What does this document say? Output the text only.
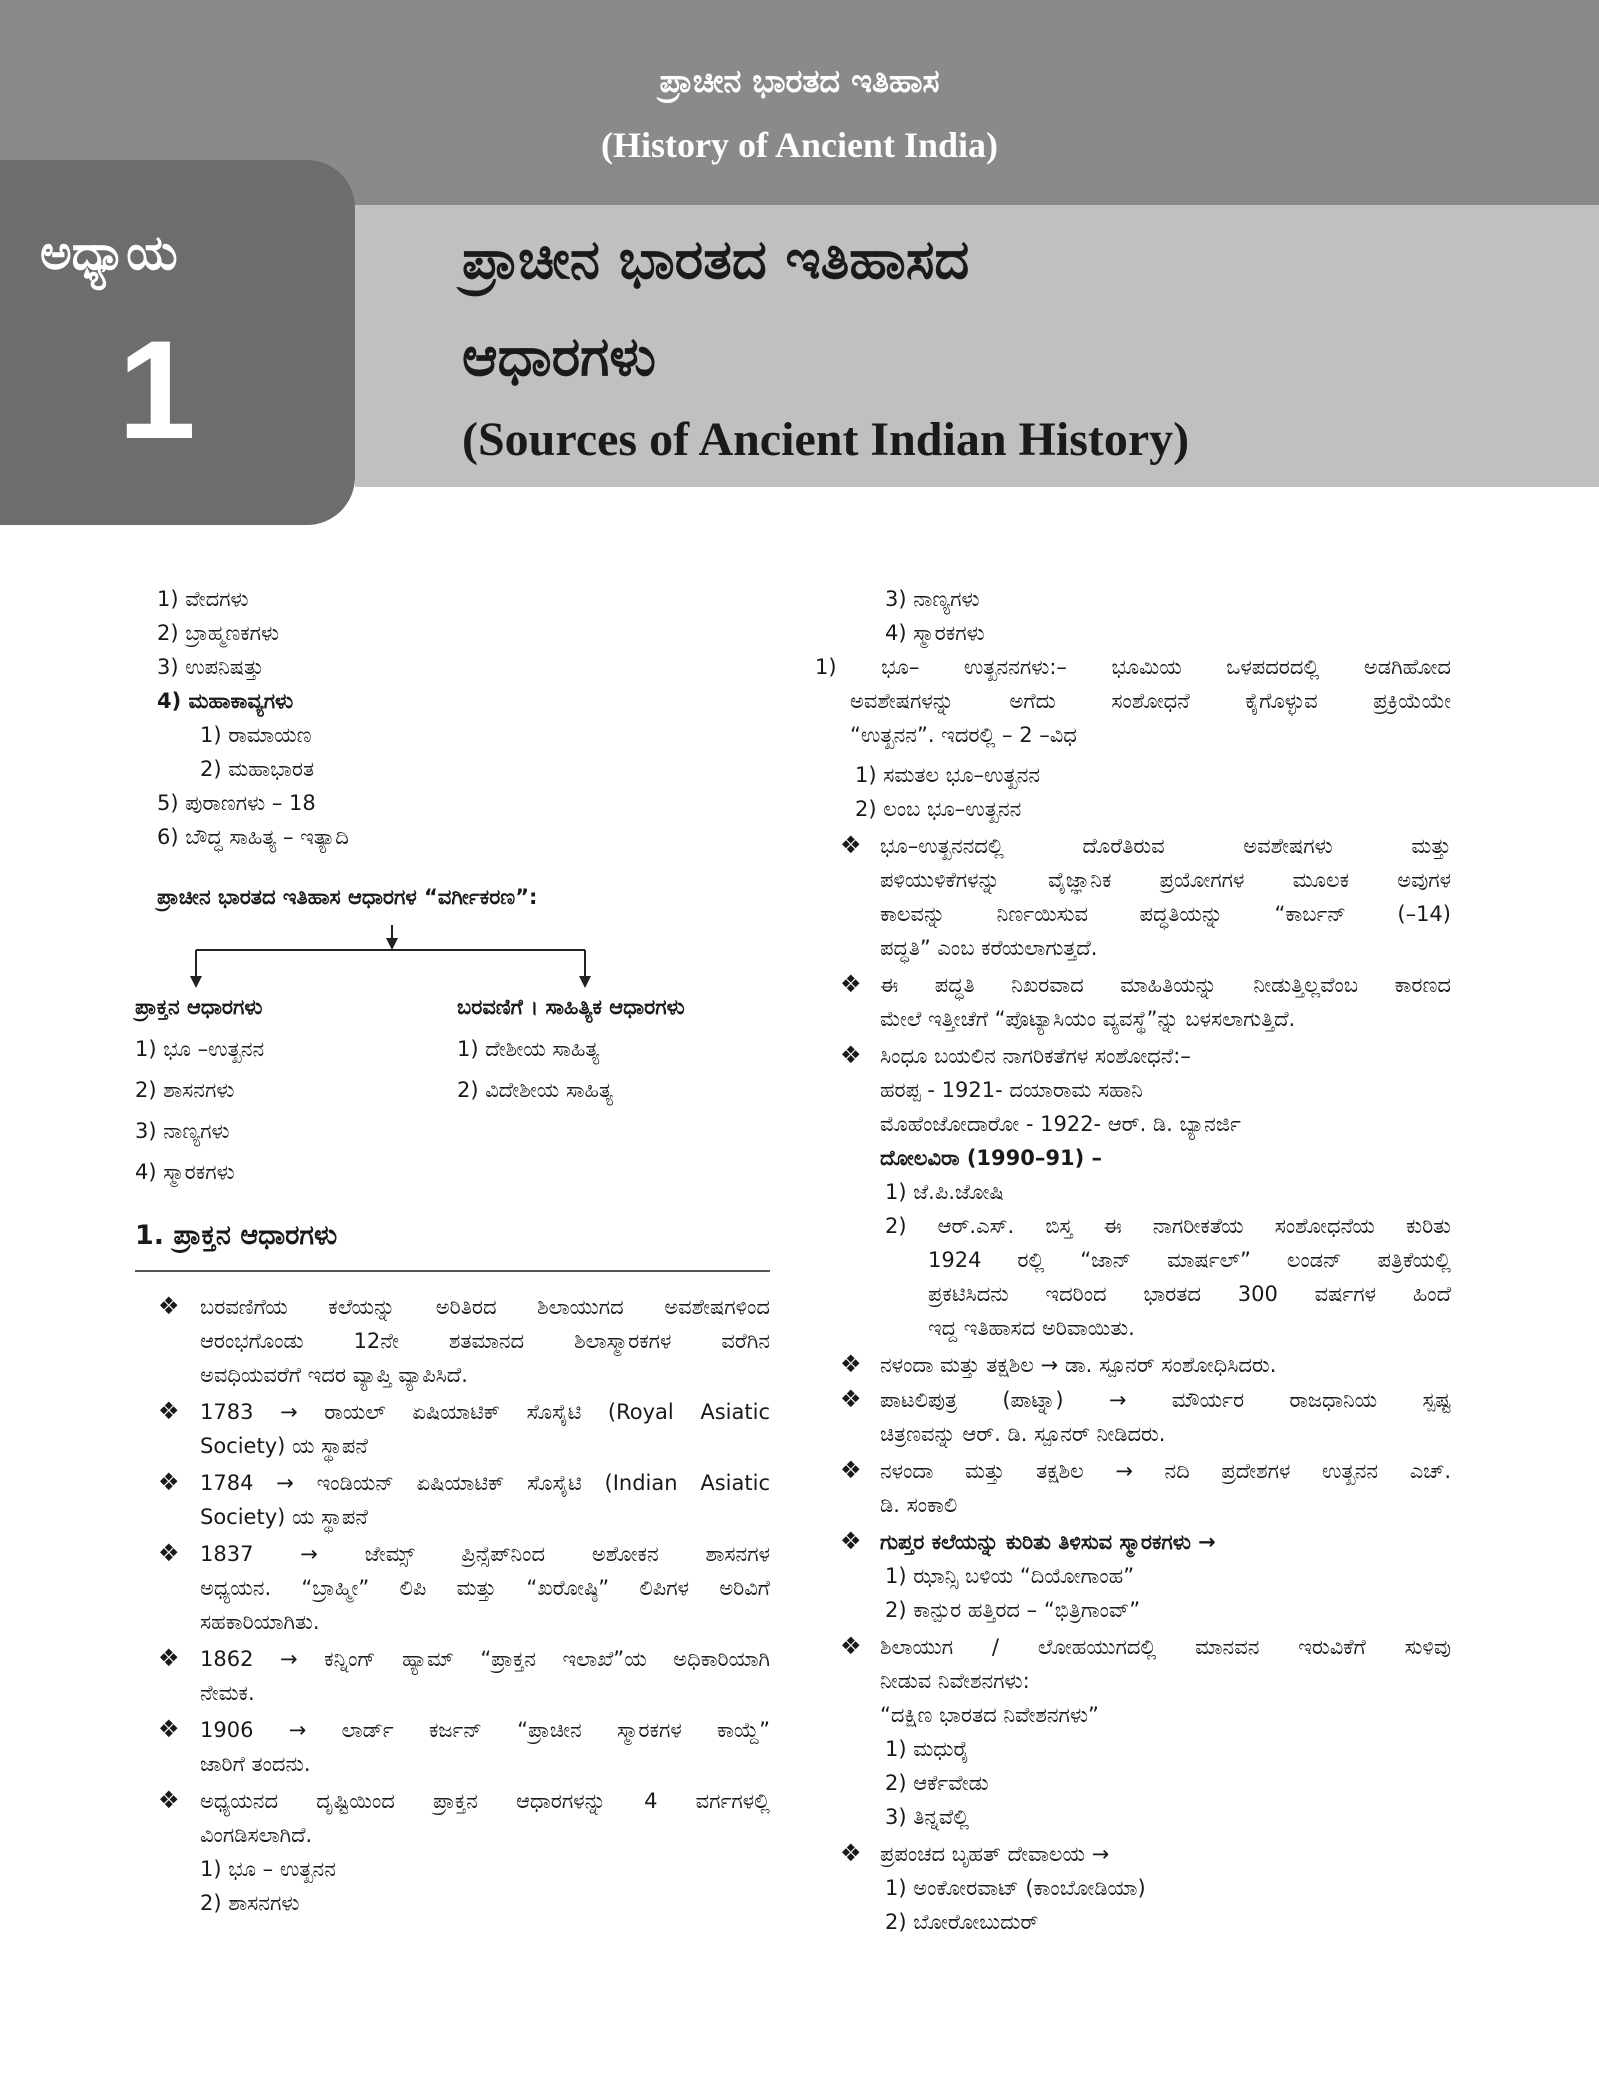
ಪ್ರಾಚೀನ ಭಾರತದ ಇತಿಹಾಸ
(History of Ancient India)
ಅಧ್ಯಾಯ
1
ಪ್ರಾಚೀನ ಭಾರತದ ಇತಿಹಾಸದ
ಆಧಾರಗಳು
(Sources of Ancient Indian History)
1) ವೇದಗಳು
2) ಬ್ರಾಹ್ಮಣಕಗಳು
3) ಉಪನಿಷತ್ತು
4) ಮಹಾಕಾವ್ಯಗಳು
1) ರಾಮಾಯಣ
2) ಮಹಾಭಾರತ
5) ಪುರಾಣಗಳು – 18
6) ಬೌದ್ಧ ಸಾಹಿತ್ಯ – ಇತ್ಯಾದಿ
ಪ್ರಾಚೀನ ಭಾರತದ ಇತಿಹಾಸ ಆಧಾರಗಳ “ವರ್ಗೀಕರಣ”:
ಪ್ರಾಕ್ತನ ಆಧಾರಗಳು
1) ಭೂ –ಉತ್ಖನನ
2) ಶಾಸನಗಳು
3) ನಾಣ್ಯಗಳು
4) ಸ್ಮಾರಕಗಳು
ಬರವಣಿಗೆ । ಸಾಹಿತ್ಯಿಕ ಆಧಾರಗಳು
1) ದೇಶೀಯ ಸಾಹಿತ್ಯ
2) ವಿದೇಶೀಯ ಸಾಹಿತ್ಯ
1. ಪ್ರಾಕ್ತನ ಆಧಾರಗಳು
❖ ಬರವಣಿಗೆಯ ಕಲೆಯನ್ನು ಅರಿತಿರದ ಶಿಲಾಯುಗದ ಅವಶೇಷಗಳಿಂದ
ಆರಂಭಗೊಂಡು 12ನೇ ಶತಮಾನದ ಶಿಲಾಸ್ಮಾರಕಗಳ ವರೆಗಿನ
ಅವಧಿಯವರೆಗೆ ಇದರ ವ್ಯಾಪ್ತಿ ವ್ಯಾಪಿಸಿದೆ.
❖ 1783 → ರಾಯಲ್ ಏಷಿಯಾಟಿಕ್ ಸೊಸೈಟಿ (Royal Asiatic
Society) ಯ ಸ್ಥಾಪನೆ
❖ 1784 → ಇಂಡಿಯನ್ ಏಷಿಯಾಟಿಕ್ ಸೊಸೈಟಿ (Indian Asiatic
Society) ಯ ಸ್ಥಾಪನೆ
❖ 1837 → ಜೇಮ್ಸ್ ಪ್ರಿನ್ಸೆಪ್‌ನಿಂದ ಅಶೋಕನ ಶಾಸನಗಳ
ಅಧ್ಯಯನ. “ಬ್ರಾಹ್ಮೀ” ಲಿಪಿ ಮತ್ತು “ಖರೋಷ್ಠಿ” ಲಿಪಿಗಳ ಅರಿವಿಗೆ
ಸಹಕಾರಿಯಾಗಿತು.
❖ 1862 → ಕನ್ನಿಂಗ್ ಹ್ಯಾಮ್ “ಪ್ರಾಕ್ತನ ಇಲಾಖೆ”ಯ ಅಧಿಕಾರಿಯಾಗಿ
ನೇಮಕ.
❖ 1906 → ಲಾರ್ಡ್ ಕರ್ಜನ್ “ಪ್ರಾಚೀನ ಸ್ಮಾರಕಗಳ ಕಾಯ್ದೆ”
ಜಾರಿಗೆ ತಂದನು.
❖ ಅಧ್ಯಯನದ ದೃಷ್ಟಿಯಿಂದ ಪ್ರಾಕ್ತನ ಆಧಾರಗಳನ್ನು 4 ವರ್ಗಗಳಲ್ಲಿ
ವಿಂಗಡಿಸಲಾಗಿದೆ.
1) ಭೂ – ಉತ್ಖನನ
2) ಶಾಸನಗಳು
3) ನಾಣ್ಯಗಳು
4) ಸ್ಮಾರಕಗಳು
1) ಭೂ– ಉತ್ಖನನಗಳು:– ಭೂಮಿಯ ಒಳಪದರದಲ್ಲಿ ಅಡಗಿಹೋದ
ಅವಶೇಷಗಳನ್ನು ಅಗೆದು ಸಂಶೋಧನೆ ಕೈಗೊಳ್ಳುವ ಪ್ರಕ್ರಿಯೆಯೇ
“ಉತ್ಖನನ”. ಇದರಲ್ಲಿ – 2 –ವಿಧ
1) ಸಮತಲ ಭೂ–ಉತ್ಖನನ
2) ಲಂಬ ಭೂ–ಉತ್ಖನನ
❖ ಭೂ–ಉತ್ಖನನದಲ್ಲಿ ದೊರೆತಿರುವ ಅವಶೇಷಗಳು ಮತ್ತು
ಪಳಿಯುಳಿಕೆಗಳನ್ನು ವೈಜ್ಞಾನಿಕ ಪ್ರಯೋಗಗಳ ಮೂಲಕ ಅವುಗಳ
ಕಾಲವನ್ನು ನಿರ್ಣಯಿಸುವ ಪದ್ಧತಿಯನ್ನು “ಕಾರ್ಬನ್ (–14)
ಪದ್ಧತಿ” ಎಂಬ ಕರೆಯಲಾಗುತ್ತದೆ.
❖ ಈ ಪದ್ಧತಿ ನಿಖರವಾದ ಮಾಹಿತಿಯನ್ನು ನೀಡುತ್ತಿಲ್ಲವೆಂಬ ಕಾರಣದ
ಮೇಲೆ ಇತ್ತೀಚೆಗೆ “ಪೊಟ್ಯಾಸಿಯಂ ವ್ಯವಸ್ಥೆ”ನ್ನು ಬಳಸಲಾಗುತ್ತಿದೆ.
❖ ಸಿಂಧೂ ಬಯಲಿನ ನಾಗರಿಕತೆಗಳ ಸಂಶೋಧನೆ:–
ಹರಪ್ಪ - 1921- ದಯಾರಾಮ ಸಹಾನಿ
ಮೊಹೆಂಜೋದಾರೋ - 1922- ಆರ್. ಡಿ. ಬ್ಯಾನರ್ಜಿ
ದೋಲವಿರಾ (1990–91) –
1) ಜೆ.ಪಿ.ಜೋಷಿ
2) ಆರ್.ಎಸ್. ಬಿಸ್ತ ಈ ನಾಗರೀಕತೆಯ ಸಂಶೋಧನೆಯ ಕುರಿತು
1924 ರಲ್ಲಿ “ಜಾನ್ ಮಾರ್ಷಲ್” ಲಂಡನ್ ಪತ್ರಿಕೆಯಲ್ಲಿ
ಪ್ರಕಟಿಸಿದನು ಇದರಿಂದ ಭಾರತದ 300 ವರ್ಷಗಳ ಹಿಂದೆ
ಇದ್ದ ಇತಿಹಾಸದ ಅರಿವಾಯಿತು.
❖ ನಳಂದಾ ಮತ್ತು ತಕ್ಷಶಿಲ → ಡಾ. ಸ್ಪೂನರ್ ಸಂಶೋಧಿಸಿದರು.
❖ ಪಾಟಲಿಪುತ್ರ (ಪಾಟ್ನಾ) → ಮೌರ್ಯರ ರಾಜಧಾನಿಯ ಸ್ಪಷ್ಟ
ಚಿತ್ರಣವನ್ನು ಆರ್. ಡಿ. ಸ್ಪೂನರ್ ನೀಡಿದರು.
❖ ನಳಂದಾ ಮತ್ತು ತಕ್ಷಶಿಲ → ನದಿ ಪ್ರದೇಶಗಳ ಉತ್ಖನನ ಎಚ್.
ಡಿ. ಸಂಕಾಲಿ
❖ ಗುಪ್ತರ ಕಲೆಯನ್ನು ಕುರಿತು ತಿಳಿಸುವ ಸ್ಮಾರಕಗಳು →
1) ಝಾನ್ಸಿ ಬಳಿಯ “ದಿಯೋಗಾಂಹ”
2) ಕಾನ್ಪುರ ಹತ್ತಿರದ – “ಭಿತ್ರಿಗಾಂವ್”
❖ ಶಿಲಾಯುಗ / ಲೋಹಯುಗದಲ್ಲಿ ಮಾನವನ ಇರುವಿಕೆಗೆ ಸುಳಿವು
ನೀಡುವ ನಿವೇಶನಗಳು:
“ದಕ್ಷಿಣ ಭಾರತದ ನಿವೇಶನಗಳು”
1) ಮಧುರೈ
2) ಆರ್ಕೆವೇಡು
3) ತಿನ್ನವೆಲ್ಲಿ
❖ ಪ್ರಪಂಚದ ಬೃಹತ್ ದೇವಾಲಯ →
1) ಅಂಕೋರವಾಟ್ (ಕಾಂಬೋಡಿಯಾ)
2) ಬೋರೋಬುದುರ್
